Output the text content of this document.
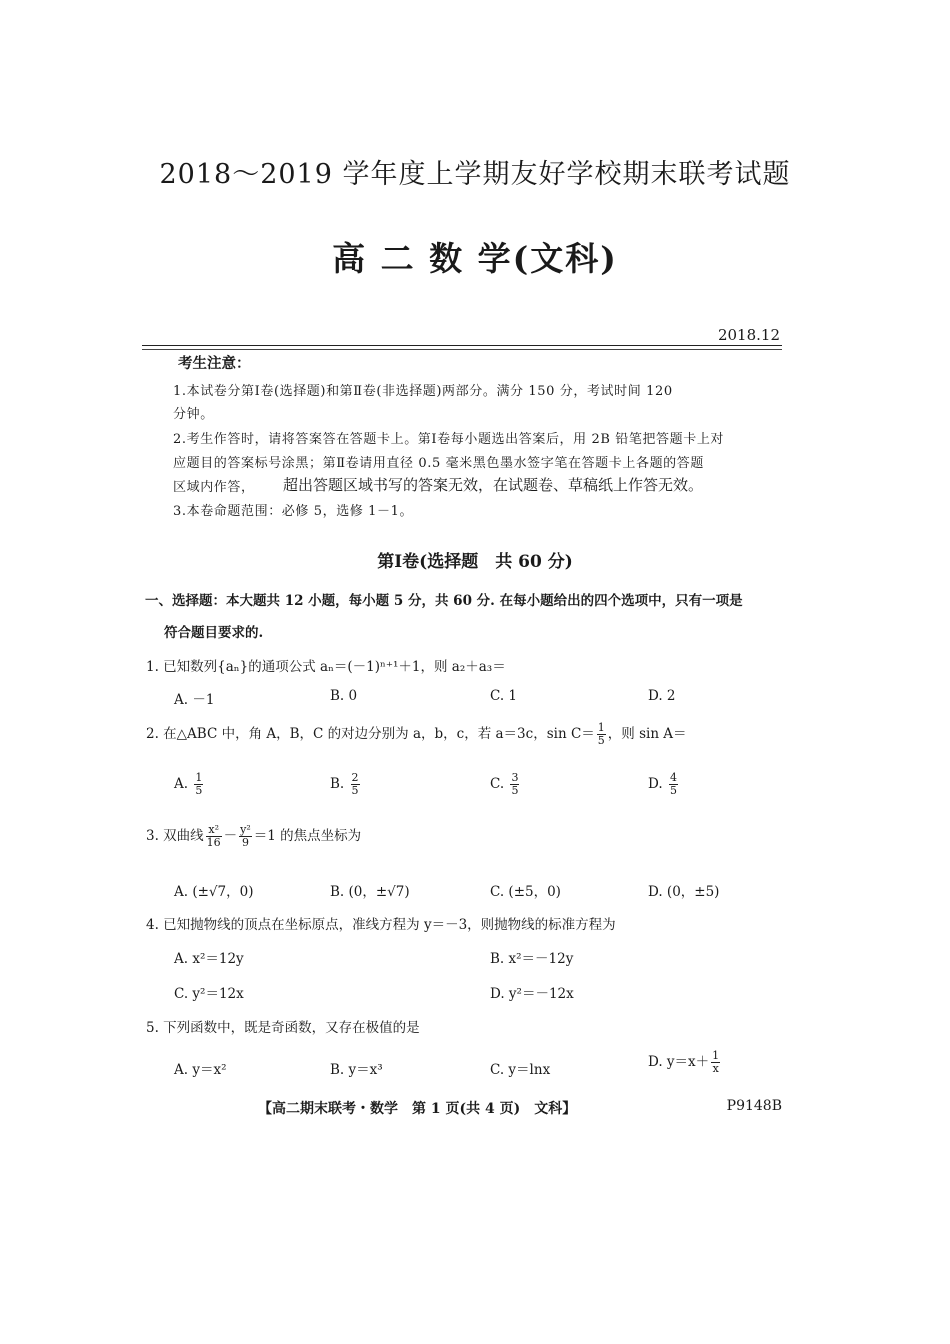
2018～2019 学年度上学期友好学校期末联考试题
高 二 数 学(文科)
2018.12
考生注意：
1.本试卷分第Ⅰ卷(选择题)和第Ⅱ卷(非选择题)两部分。满分 150 分，考试时间 120
分钟。
2.考生作答时，请将答案答在答题卡上。第Ⅰ卷每小题选出答案后，用 2B 铅笔把答题卡上对
应题目的答案标号涂黑；第Ⅱ卷请用直径 0.5 毫米黑色墨水签字笔在答题卡上各题的答题
区域内作答， 超出答题区域书写的答案无效，在试题卷、草稿纸上作答无效。
3.本卷命题范围：必修 5，选修 1－1。
第Ⅰ卷(选择题　共 60 分)
一、选择题：本大题共 12 小题，每小题 5 分，共 60 分. 在每小题给出的四个选项中，只有一项是
符合题目要求的.
1. 已知数列{aₙ}的通项公式 aₙ＝(－1)ⁿ⁺¹＋1，则 a₂＋a₃＝
A. －1	B. 0	C. 1	D. 2
2. 在△ABC 中，角 A，B，C 的对边分别为 a，b，c，若 a＝3c，$\sin C= \frac{1}{5}$ ，则 sin A＝
A. $\frac{1}{5}$	B. $\frac{2}{5}$	C. $\frac{3}{5}$	D. $\frac{4}{5}$
3. 双曲线 $\frac{\text{x²}}{16} - \frac{\text{y²}}{9} =1$ 的焦点坐标为
A. (±√7，0)	B. (0，±√7)	C. (±5，0)	D. (0，±5)
4. 已知抛物线的顶点在坐标原点，准线方程为 y＝－3，则抛物线的标准方程为
A. x²＝12y	B. x²＝－12y
C. y²＝12x	D. y²＝－12x
5. 下列函数中，既是奇函数，又存在极值的是
A. y＝x²	B. y＝x³	C. y＝lnx	D. $y=x+ \frac{1}{x}$
【高二期末联考・数学　第 1 页(共 4 页)　文科】	P9148B
